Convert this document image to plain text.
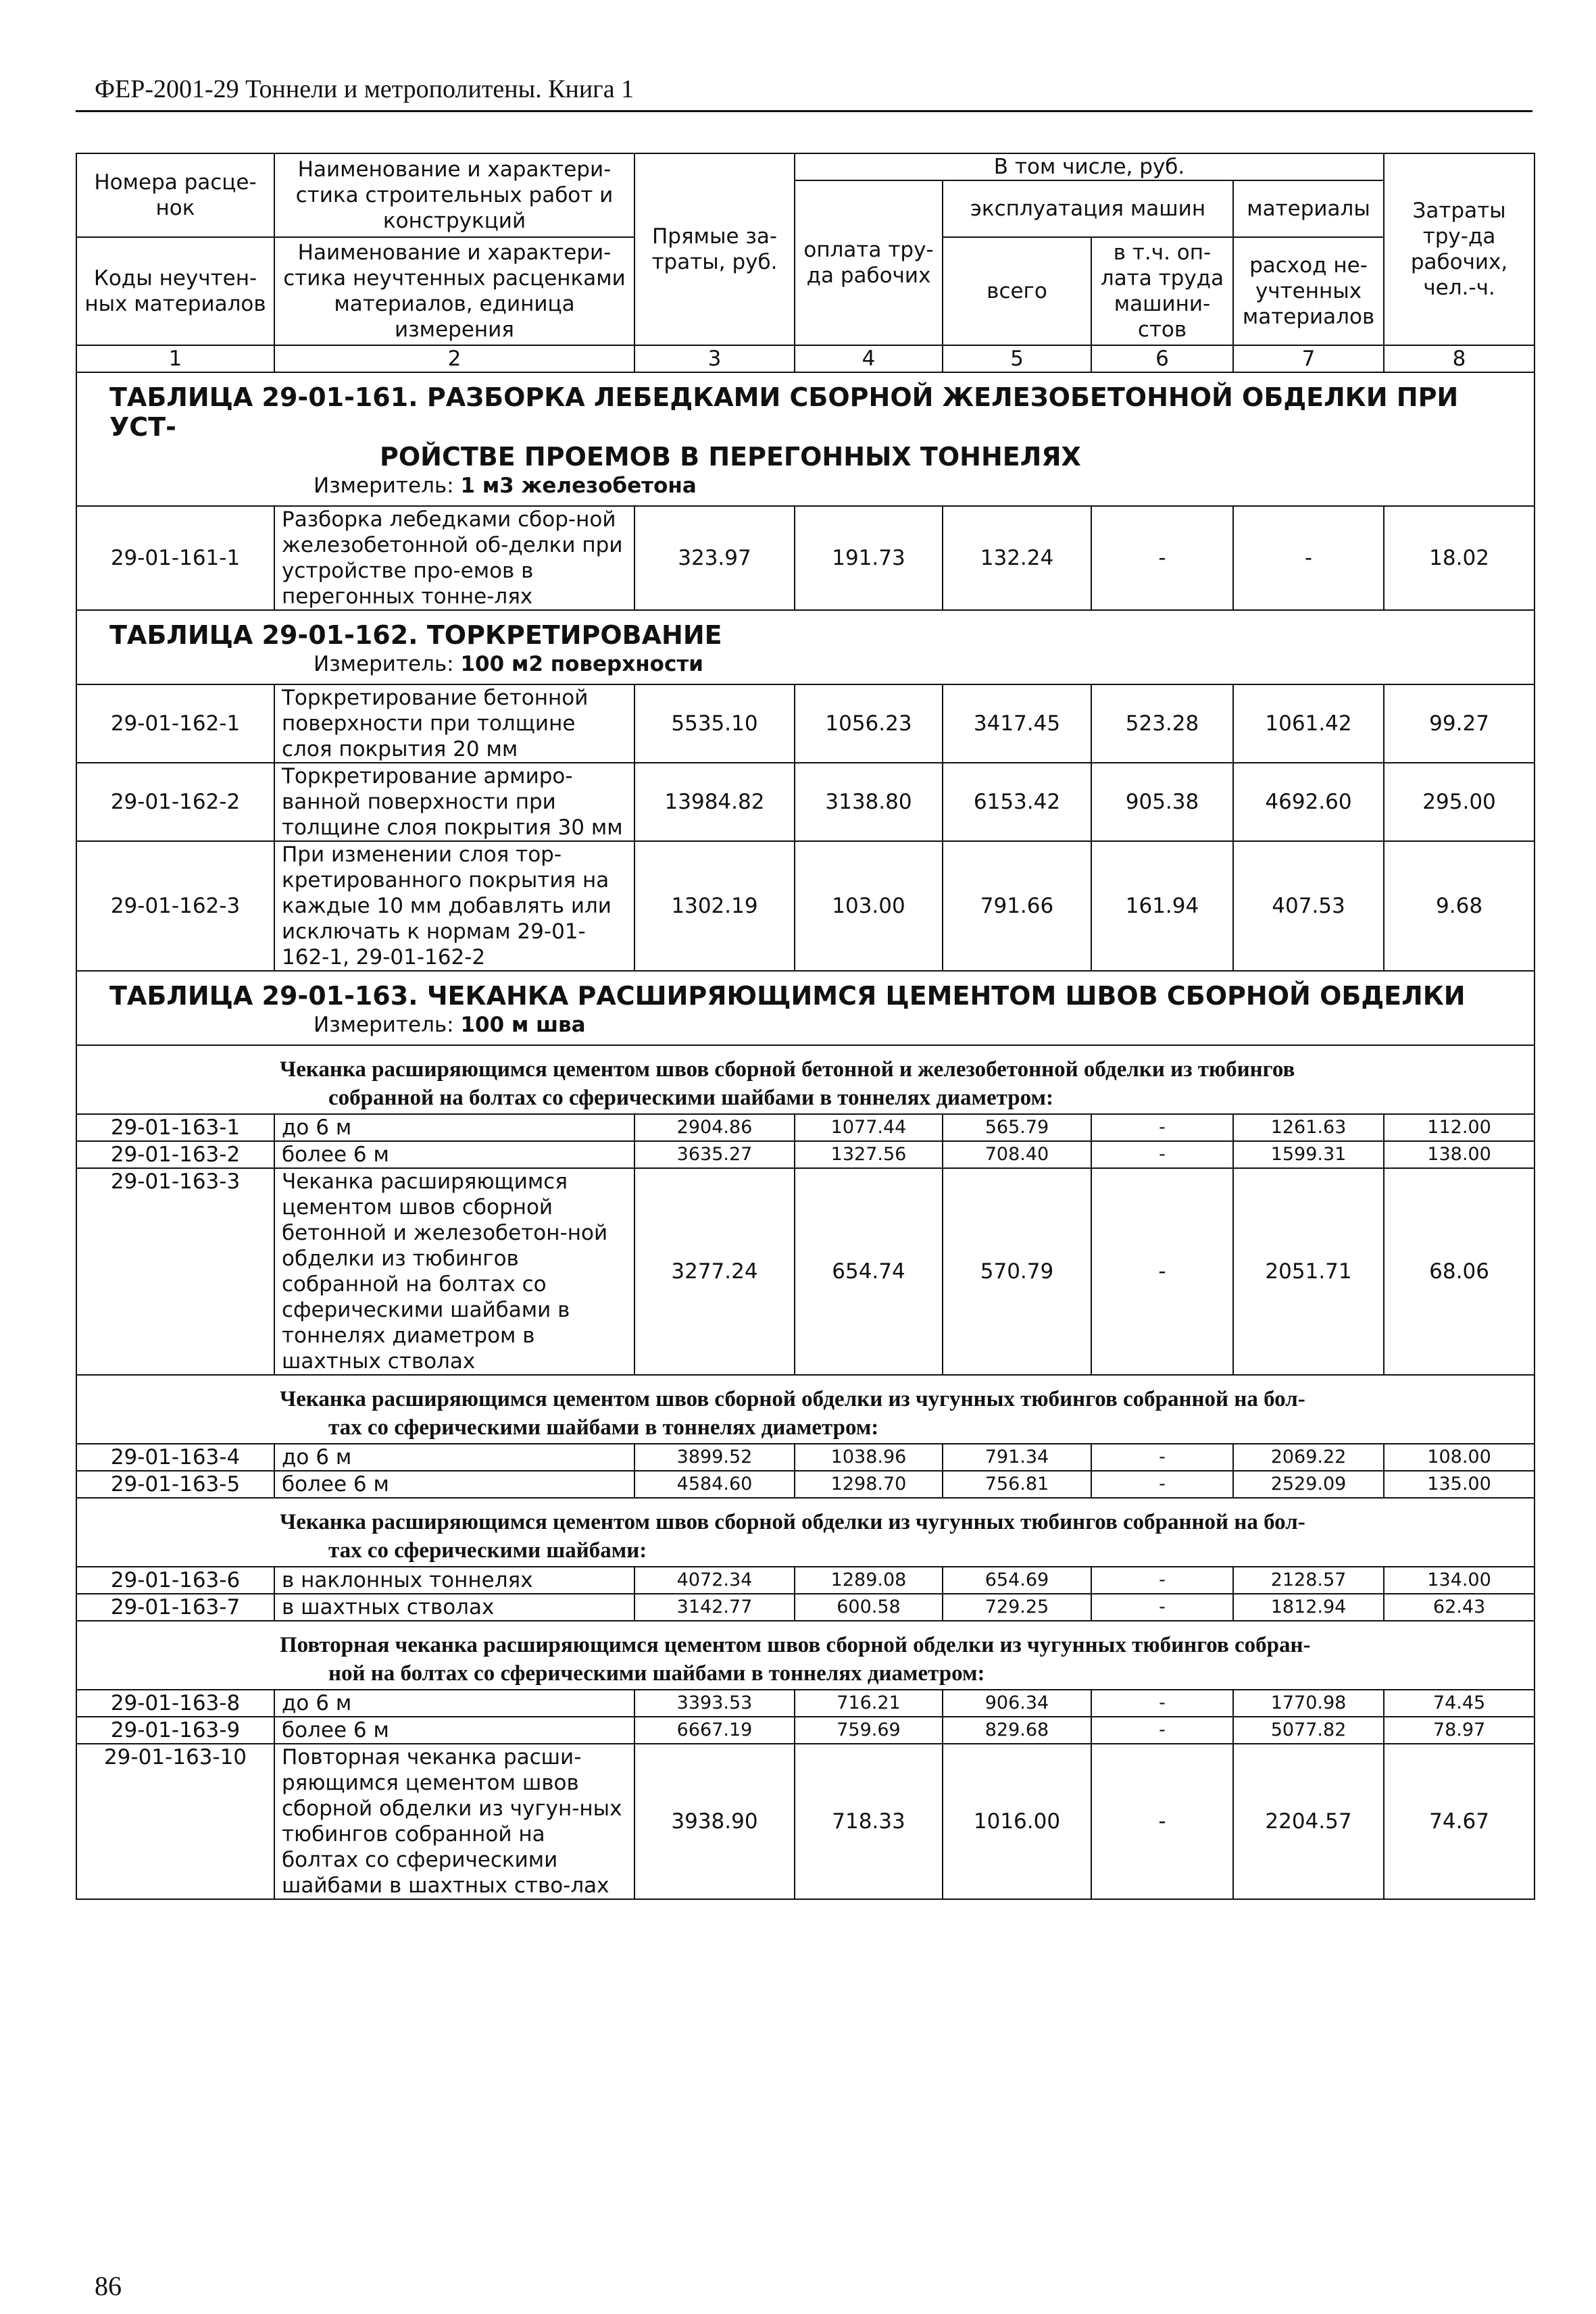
ФЕР-2001-29 Тоннели и метрополитены. Книга 1
Номера расце-нок	Наименование и характери-стика строительных работ и конструкций	Прямые за-траты, руб.	В том числе, руб.				Затраты тру-да рабочих, чел.-ч.
			оплата тру-да рабочих	эксплуатация машин		материалы	
Коды неучтен-ных материалов	Наименование и характери-стика неучтенных расценками материалов, единица измерения			всего	в т.ч. оп-лата труда машини-стов	расход не-учтенных материалов	

1	2	3	4	5	6	7	8

ТАБЛИЦА 29-01-161. РАЗБОРКА ЛЕБЕДКАМИ СБОРНОЙ ЖЕЛЕЗОБЕТОННОЙ ОБДЕЛКИ ПРИ УСТ-
РОЙСТВЕ ПРОЕМОВ В ПЕРЕГОННЫХ ТОННЕЛЯХ
Измеритель: 1 м3 железобетона							

29-01-161-1	Разборка лебедками сбор-ной железобетонной об-делки при устройстве про-емов в перегонных тонне-лях	323.97	191.73	132.24	-	-	18.02

ТАБЛИЦА 29-01-162. ТОРКРЕТИРОВАНИЕ
Измеритель: 100 м2 поверхности							

29-01-162-1	Торкретирование бетонной поверхности при толщине слоя покрытия 20 мм	5535.10	1056.23	3417.45	523.28	1061.42	99.27
29-01-162-2	Торкретирование армиро-ванной поверхности при толщине слоя покрытия 30 мм	13984.82	3138.80	6153.42	905.38	4692.60	295.00
29-01-162-3	При изменении слоя тор-кретированного покрытия на каждые 10 мм добавлять или исключать к нормам 29-01-162-1, 29-01-162-2	1302.19	103.00	791.66	161.94	407.53	9.68

ТАБЛИЦА 29-01-163. ЧЕКАНКА РАСШИРЯЮЩИМСЯ ЦЕМЕНТОМ ШВОВ СБОРНОЙ ОБДЕЛКИ
Измеритель: 100 м шва							

Чеканка расширяющимся цементом швов сборной бетонной и железобетонной обделки из тюбингов
собранной на болтах со сферическими шайбами в тоннелях диаметром:							

29-01-163-1	до 6 м	2904.86	1077.44	565.79	-	1261.63	112.00
29-01-163-2	более 6 м	3635.27	1327.56	708.40	-	1599.31	138.00
29-01-163-3	Чеканка расширяющимся цементом швов сборной бетонной и железобетон-ной обделки из тюбингов собранной на болтах со сферическими шайбами в тоннелях диаметром в шахтных стволах	3277.24	654.74	570.79	-	2051.71	68.06
Чеканка расширяющимся цементом швов сборной обделки из чугунных тюбингов собранной на бол-
тах со сферическими шайбами в тоннелях диаметром:							

29-01-163-4	до 6 м	3899.52	1038.96	791.34	-	2069.22	108.00
29-01-163-5	более 6 м	4584.60	1298.70	756.81	-	2529.09	135.00
Чеканка расширяющимся цементом швов сборной обделки из чугунных тюбингов собранной на бол-
тах со сферическими шайбами:							

29-01-163-6	в наклонных тоннелях	4072.34	1289.08	654.69	-	2128.57	134.00
29-01-163-7	в шахтных стволах	3142.77	600.58	729.25	-	1812.94	62.43
Повторная чеканка расширяющимся цементом швов сборной обделки из чугунных тюбингов собран-
ной на болтах со сферическими шайбами в тоннелях диаметром:							

29-01-163-8	до 6 м	3393.53	716.21	906.34	-	1770.98	74.45
29-01-163-9	более 6 м	6667.19	759.69	829.68	-	5077.82	78.97
29-01-163-10	Повторная чеканка расши-ряющимся цементом швов сборной обделки из чугун-ных тюбингов собранной на болтах со сферическими шайбами в шахтных ство-лах	3938.90	718.33	1016.00	-	2204.57	74.67
86
